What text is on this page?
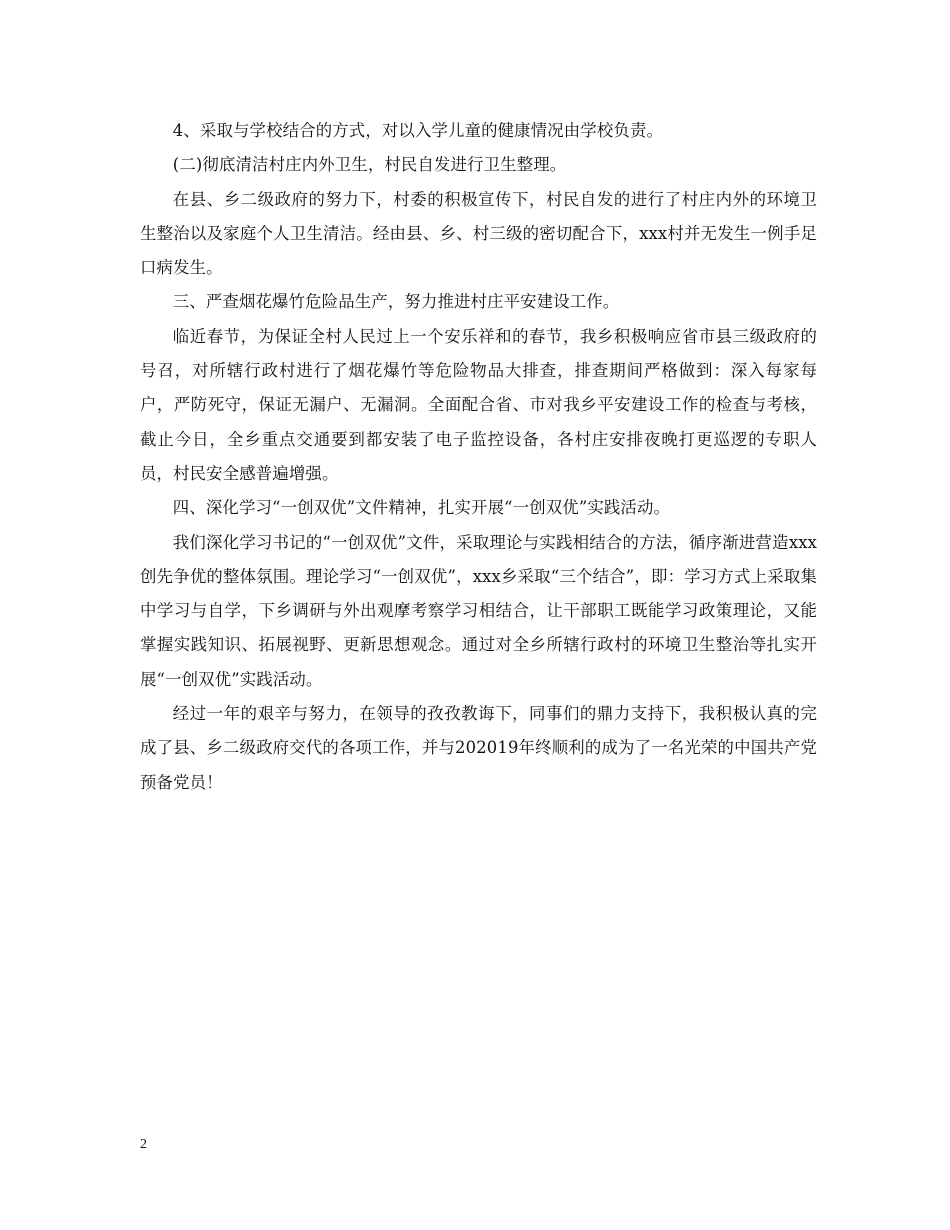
4、采取与学校结合的方式，对以入学儿童的健康情况由学校负责。

(二)彻底清洁村庄内外卫生，村民自发进行卫生整理。

在县、乡二级政府的努力下，村委的积极宣传下，村民自发的进行了村庄内外的环境卫生整治以及家庭个人卫生清洁。经由县、乡、村三级的密切配合下，xxx村并无发生一例手足口病发生。

三、严查烟花爆竹危险品生产，努力推进村庄平安建设工作。

临近春节，为保证全村人民过上一个安乐祥和的春节，我乡积极响应省市县三级政府的号召，对所辖行政村进行了烟花爆竹等危险物品大排查，排查期间严格做到：深入每家每户，严防死守，保证无漏户、无漏洞。全面配合省、市对我乡平安建设工作的检查与考核，截止今日，全乡重点交通要到都安装了电子监控设备，各村庄安排夜晚打更巡逻的专职人员，村民安全感普遍增强。

四、深化学习“一创双优”文件精神，扎实开展“一创双优”实践活动。

我们深化学习书记的“一创双优”文件，采取理论与实践相结合的方法，循序渐进营造xxx创先争优的整体氛围。理论学习“一创双优”，xxx乡采取“三个结合”，即：学习方式上采取集中学习与自学，下乡调研与外出观摩考察学习相结合，让干部职工既能学习政策理论，又能掌握实践知识、拓展视野、更新思想观念。通过对全乡所辖行政村的环境卫生整治等扎实开展“一创双优”实践活动。

经过一年的艰辛与努力，在领导的孜孜教诲下，同事们的鼎力支持下，我积极认真的完成了县、乡二级政府交代的各项工作，并与202019年终顺利的成为了一名光荣的中国共产党预备党员！

2
